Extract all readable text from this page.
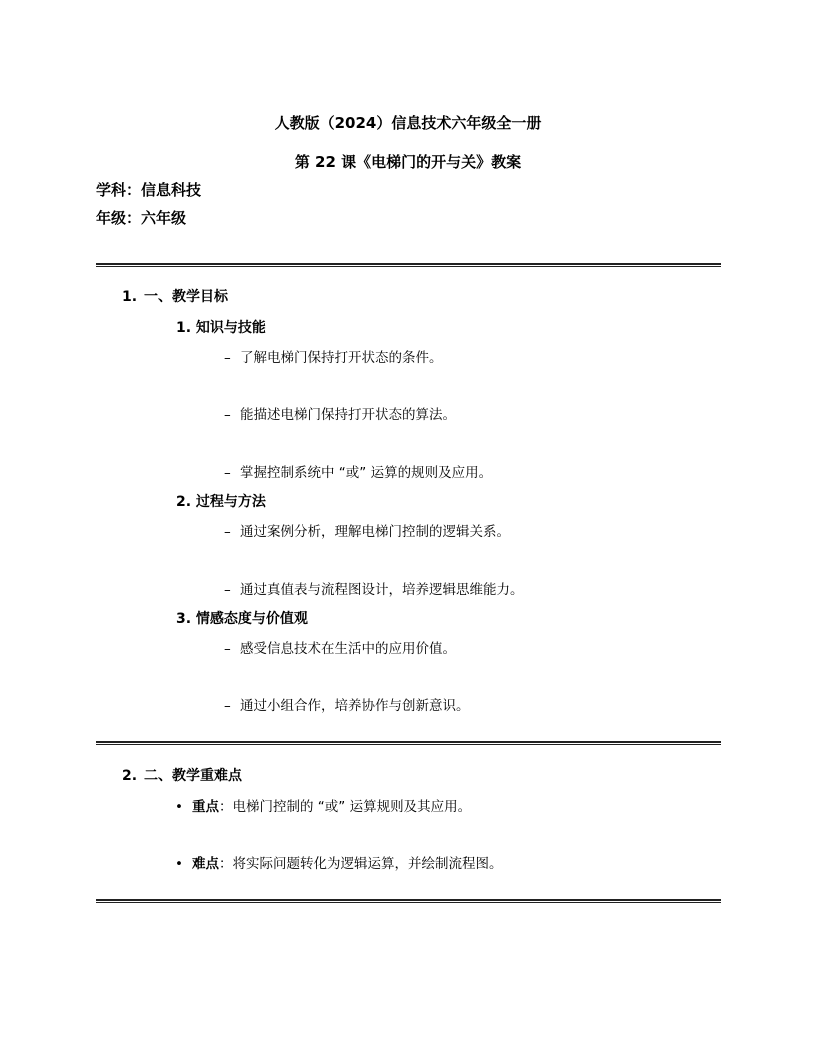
人教版（2024）信息技术六年级全一册
第 22 课《电梯门的开与关》教案
学科：信息科技
年级：六年级
1. 一、教学目标
1. 知识与技能
– 了解电梯门保持打开状态的条件。
– 能描述电梯门保持打开状态的算法。
– 掌握控制系统中 “或” 运算的规则及应用。
2. 过程与方法
– 通过案例分析，理解电梯门控制的逻辑关系。
– 通过真值表与流程图设计，培养逻辑思维能力。
3. 情感态度与价值观
– 感受信息技术在生活中的应用价值。
– 通过小组合作，培养协作与创新意识。
2. 二、教学重难点
• 重点：电梯门控制的 “或” 运算规则及其应用。
• 难点：将实际问题转化为逻辑运算，并绘制流程图。
